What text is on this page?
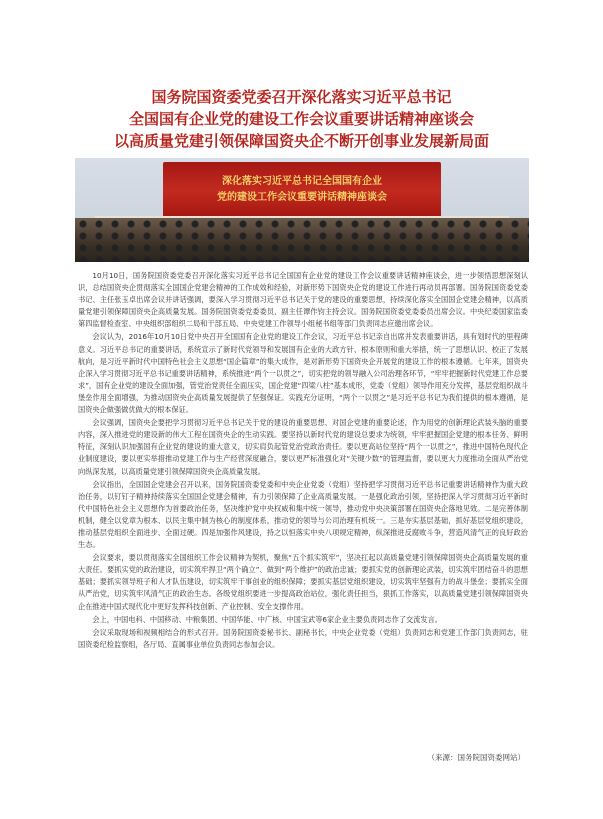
国务院国资委党委召开深化落实习近平总书记
全国国有企业党的建设工作会议重要讲话精神座谈会
以高质量党建引领保障国资央企不断开创事业发展新局面
深化落实习近平总书记全国国有企业
党的建设工作会议重要讲话精神座谈会

10月10日，国务院国资委党委召开深化落实习近平总书记全国国有企业党的建设工作会议重要讲话精神座谈会，进一步领悟思想深刻认识，总结国资央企贯彻落实全国国企党建会精神的工作成效和经验，对新形势下国资央企党的建设工作进行再动员再部署。国务院国资委党委书记、主任张玉卓出席会议并讲话强调，要深入学习贯彻习近平总书记关于党的建设的重要思想，持续深化落实全国国企党建会精神，以高质量党建引领保障国资央企高质量发展。国务院国资委党委委员、副主任谭作钧主持会议。国务院国资委党委委员出席会议。中央纪委国家监委第四监督检查室、中央组织部组织二局和干部五局、中央党建工作领导小组秘书组等部门负责同志应邀出席会议。

会议认为，2016年10月10日党中央召开全国国有企业党的建设工作会议，习近平总书记亲自出席并发表重要讲话，具有划时代的里程碑意义。习近平总书记的重要讲话，系统宣示了新时代党领导和发展国有企业的大政方针、根本原则和重大举措，统一了思想认识、校正了发展航向，是习近平新时代中国特色社会主义思想“国企篇章”的集大成作，是对新形势下国资央企开展党的建设工作的根本遵循。七年来，国资央企深入学习贯彻习近平总书记重要讲话精神，系统推进“两个一以贯之”，切实把党的领导融入公司治理各环节，“牢牢把握新时代党建工作总要求”，国有企业党的建设全面加强，管党治党责任全面压实，国企党建“四梁八柱”基本成形，党委（党组）领导作用充分发挥，基层党组织战斗堡垒作用全面增强，为推动国资央企高质量发展提供了坚强保证。实践充分证明，“两个一以贯之”是习近平总书记为我们提供的根本遵循，是国资央企做强做优做大的根本保证。

会议强调，国资央企要把学习贯彻习近平总书记关于党的建设的重要思想、对国企党建的重要论述，作为用党的创新理论武装头脑的重要内容，深入推进党的建设新的伟大工程在国资央企的生动实践。要坚持以新时代党的建设总要求为统领，牢牢把握国企党建的根本任务、鲜明特征，深刻认识加强国有企业党的建设的重大意义，切实肩负起管党治党政治责任。要以更高站位坚持“两个一以贯之”，推进中国特色现代企业制度建设，要以更实举措推动党建工作与生产经营深度融合，要以更严标准强化对“关键少数”的管理监督，要以更大力度推动全面从严治党向纵深发展，以高质量党建引领保障国资央企高质量发展。

会议指出，全国国企党建会召开以来，国务院国资委党委和中央企业党委（党组）坚持把学习贯彻习近平总书记重要讲话精神作为重大政治任务，以钉钉子精神持续落实全国国企党建会精神，有力引领保障了企业高质量发展。一是强化政治引领，坚持把深入学习贯彻习近平新时代中国特色社会主义思想作为首要政治任务，坚决维护党中央权威和集中统一领导，推动党中央决策部署在国资央企落地见效。二是完善体制机制，健全以党章为根本、以民主集中制为核心的制度体系，推动党的领导与公司治理有机统一。三是夯实基层基础，抓好基层党组织建设，推动基层党组织全面进步、全面过硬。四是加强作风建设，持之以恒落实中央八项规定精神，纵深推进反腐败斗争，营造风清气正的良好政治生态。

会议要求，要以贯彻落实全国组织工作会议精神为契机，聚焦“五个抓实筑牢”，坚决扛起以高质量党建引领保障国资央企高质量发展的重大责任。要抓实党的政治建设，切实筑牢捍卫“两个确立”、做到“两个维护”的政治忠诚；要抓实党的创新理论武装，切实筑牢团结奋斗的思想基础；要抓实领导班子和人才队伍建设，切实筑牢干事创业的组织保障；要抓实基层党组织建设，切实筑牢坚强有力的战斗堡垒；要抓实全面从严治党，切实筑牢风清气正的政治生态。各级党组织要进一步提高政治站位，强化责任担当，狠抓工作落实，以高质量党建引领保障国资央企在推进中国式现代化中更好发挥科技创新、产业控制、安全支撑作用。

会上，中国电科、中国移动、中粮集团、中国华能、中广核、中国宝武等6家企业主要负责同志作了交流发言。

会议采取现场和视频相结合的形式召开。国务院国资委秘书长、副秘书长，中央企业党委（党组）负责同志和党建工作部门负责同志，驻国资委纪检监察组，各厅局、直属事业单位负责同志参加会议。

（来源：国务院国资委网站）
